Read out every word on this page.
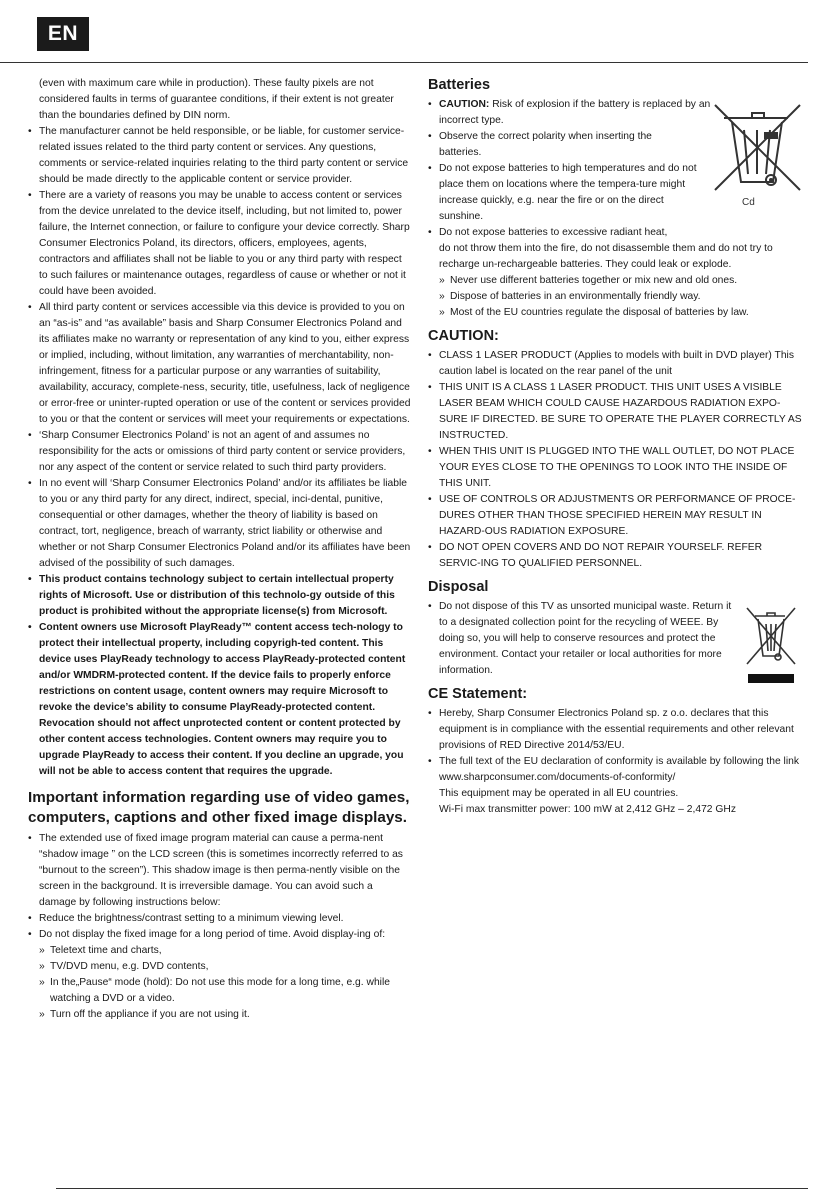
EN

(even with maximum care while in production). These faulty pixels are not considered faults in terms of guarantee conditions, if their extent is not greater than the boundaries defined by DIN norm.

• The manufacturer cannot be held responsible, or be liable, for customer service-related issues related to the third party content or services. Any questions, comments or service-related inquiries relating to the third party content or service should be made directly to the applicable content or service provider.
• There are a variety of reasons you may be unable to access content or services from the device unrelated to the device itself, including, but not limited to, power failure, the Internet connection, or failure to configure your device correctly. Sharp Consumer Electronics Poland, its directors, officers, employees, agents, contractors and affiliates shall not be liable to you or any third party with respect to such failures or maintenance outages, regardless of cause or whether or not it could have been avoided.
• All third party content or services accessible via this device is provided to you on an “as-is” and “as available” basis and Sharp Consumer Electronics Poland and its affiliates make no warranty or representation of any kind to you, either express or implied, including, without limitation, any warranties of merchantability, non-infringement, fitness for a particular purpose or any warranties of suitability, availability, accuracy, complete-ness, security, title, usefulness, lack of negligence or error-free or uninter-rupted operation or use of the content or services provided to you or that the content or services will meet your requirements or expectations.
• ‘Sharp Consumer Electronics Poland’ is not an agent of and assumes no responsibility for the acts or omissions of third party content or service providers, nor any aspect of the content or service related to such third party providers.
• In no event will ‘Sharp Consumer Electronics Poland’ and/or its affiliates be liable to you or any third party for any direct, indirect, special, inci-dental, punitive, consequential or other damages, whether the theory of liability is based on contract, tort, negligence, breach of warranty, strict liability or otherwise and whether or not Sharp Consumer Electronics Poland and/or its affiliates have been advised of the possibility of such damages.
• This product contains technology subject to certain intellectual property rights of Microsoft. Use or distribution of this technolo-gy outside of this product is prohibited without the appropriate license(s) from Microsoft.
• Content owners use Microsoft PlayReady™ content access tech-nology to protect their intellectual property, including copyrigh-ted content. This device uses PlayReady technology to access PlayReady-protected content and/or WMDRM-protected content. If the device fails to properly enforce restrictions on content usage, content owners may require Microsoft to revoke the device’s ability to consume PlayReady-protected content. Revocation should not affect unprotected content or content protected by other content access technologies. Content owners may require you to upgrade PlayReady to access their content. If you decline an upgrade, you will not be able to access content that requires the upgrade.
Important information regarding use of video games, computers, captions and other fixed image displays.
• The extended use of fixed image program material can cause a perma-nent “shadow image ” on the LCD screen (this is sometimes incorrectly referred to as “burnout to the screen”). This shadow image is then perma-nently visible on the screen in the background. It is irreversible damage. You can avoid such a damage by following instructions below:
• Reduce the brightness/contrast setting to a minimum viewing level.
• Do not display the fixed image for a long period of time. Avoid display-ing of:
» Teletext time and charts,
» TV/DVD menu, e.g. DVD contents,
» In the„Pause“ mode (hold): Do not use this mode for a long time, e.g. while watching a DVD or a video.
» Turn off the appliance if you are not using it.
Batteries
• CAUTION: Risk of explosion if the battery is replaced by an incorrect type.
• Observe the correct polarity when inserting the batteries.
• Do not expose batteries to high temperatures and do not place them on locations where the tempera-ture might increase quickly, e.g. near the fire or on the direct sunshine.
• Do not expose batteries to excessive radiant heat,

do not throw them into the fire, do not disassemble them and do not try to recharge un-rechargeable batteries. They could leak or explode.

» Never use different batteries together or mix new and old ones.
» Dispose of batteries in an environmentally friendly way.
» Most of the EU countries regulate the disposal of batteries by law.
CAUTION:
• CLASS 1 LASER PRODUCT (Applies to models with built in DVD player) This caution label is located on the rear panel of the unit
• THIS UNIT IS A CLASS 1 LASER PRODUCT. THIS UNIT USES A VISIBLE LASER BEAM WHICH COULD CAUSE HAZARDOUS RADIATION EXPO-SURE IF DIRECTED. BE SURE TO OPERATE THE PLAYER CORRECTLY AS INSTRUCTED.
• WHEN THIS UNIT IS PLUGGED INTO THE WALL OUTLET, DO NOT PLACE YOUR EYES CLOSE TO THE OPENINGS TO LOOK INTO THE INSIDE OF THIS UNIT.
• USE OF CONTROLS OR ADJUSTMENTS OR PERFORMANCE OF PROCE-DURES OTHER THAN THOSE SPECIFIED HEREIN MAY RESULT IN HAZARD-OUS RADIATION EXPOSURE.
• DO NOT OPEN COVERS AND DO NOT REPAIR YOURSELF. REFER SERVIC-ING TO QUALIFIED PERSONNEL.
Disposal
• Do not dispose of this TV as unsorted municipal waste. Return it to a designated collection point for the recycling of WEEE. By doing so, you will help to conserve resources and protect the environment. Contact your retailer or local authorities for more information.
CE Statement:
• Hereby, Sharp Consumer Electronics Poland sp. z o.o. declares that this equipment is in compliance with the essential requirements and other relevant provisions of RED Directive 2014/53/EU.
• The full text of the EU declaration of conformity is available by following the link www.sharpconsumer.com/documents-of-conformity/

This equipment may be operated in all EU countries.

Wi-Fi max transmitter power: 100 mW at 2,412 GHz – 2,472 GHz

Cd
